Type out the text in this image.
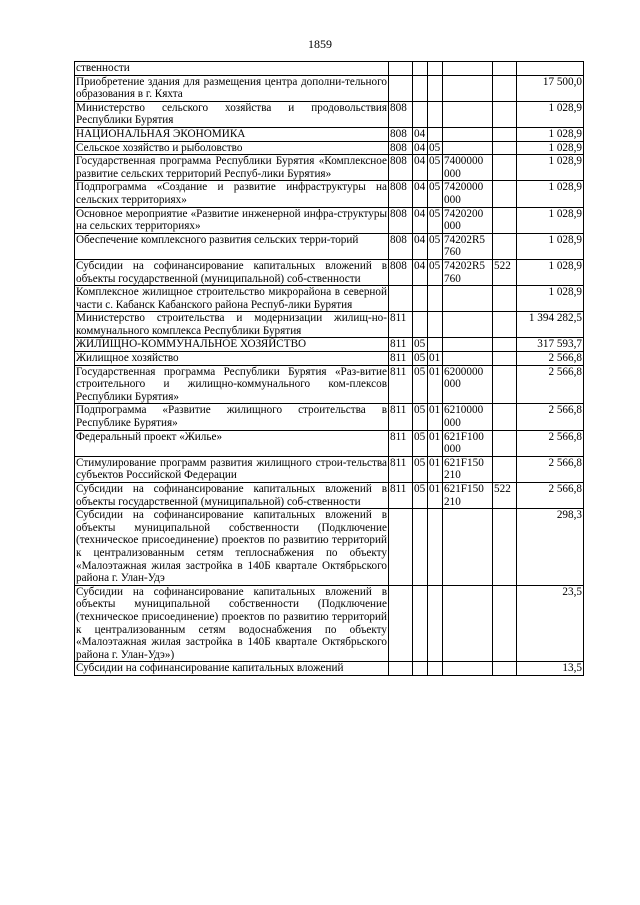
1859
ственности						
Приобретение здания для размещения центра дополни-тельного образования в г. Кяхта						17 500,0
Министерство сельского хозяйства и продовольствия Республики Бурятия	808					1 028,9
НАЦИОНАЛЬНАЯ ЭКОНОМИКА	808	04				1 028,9
Сельское хозяйство и рыболовство	808	04	05			1 028,9
Государственная программа Республики Бурятия «Комплексное развитие сельских территорий Респуб-лики Бурятия»	808	04	05	7400000 000		1 028,9
Подпрограмма «Создание и развитие инфраструктуры на сельских территориях»	808	04	05	7420000 000		1 028,9
Основное мероприятие «Развитие инженерной инфра-структуры на сельских территориях»	808	04	05	7420200 000		1 028,9
Обеспечение комплексного развития сельских терри-торий	808	04	05	74202R5 760		1 028,9
Субсидии на софинансирование капитальных вложений в объекты государственной (муниципальной) соб-ственности	808	04	05	74202R5 760	522	1 028,9
Комплексное жилищное строительство микрорайона в северной части с. Кабанск Кабанского района Респуб-лики Бурятия						1 028,9
Министерство строительства и модернизации жилищ-но-коммунального комплекса Республики Бурятия	811					1 394 282,5
ЖИЛИЩНО-КОММУНАЛЬНОЕ ХОЗЯЙСТВО	811	05				317 593,7
Жилищное хозяйство	811	05	01			2 566,8
Государственная программа Республики Бурятия «Раз-витие строительного и жилищно-коммунального ком-плексов Республики Бурятия»	811	05	01	6200000 000		2 566,8
Подпрограмма «Развитие жилищного строительства в Республике Бурятия»	811	05	01	6210000 000		2 566,8
Федеральный проект «Жилье»	811	05	01	621F100 000		2 566,8
Стимулирование программ развития жилищного строи-тельства субъектов Российской Федерации	811	05	01	621F150 210		2 566,8
Субсидии на софинансирование капитальных вложений в объекты государственной (муниципальной) соб-ственности	811	05	01	621F150 210	522	2 566,8
Субсидии на софинансирование капитальных вложений в объекты муниципальной собственности (Подключение (техническое присоединение) проектов по развитию территорий к централизованным сетям теплоснабжения по объекту «Малоэтажная жилая застройка в 140Б квартале Октябрьского района г. Улан-Удэ						298,3
Субсидии на софинансирование капитальных вложений в объекты муниципальной собственности (Подключение (техническое присоединение) проектов по развитию территорий к централизованным сетям водоснабжения по объекту «Малоэтажная жилая застройка в 140Б квартале Октябрьского района г. Улан-Удэ»)						23,5
Субсидии на софинансирование капитальных вложений						13,5
